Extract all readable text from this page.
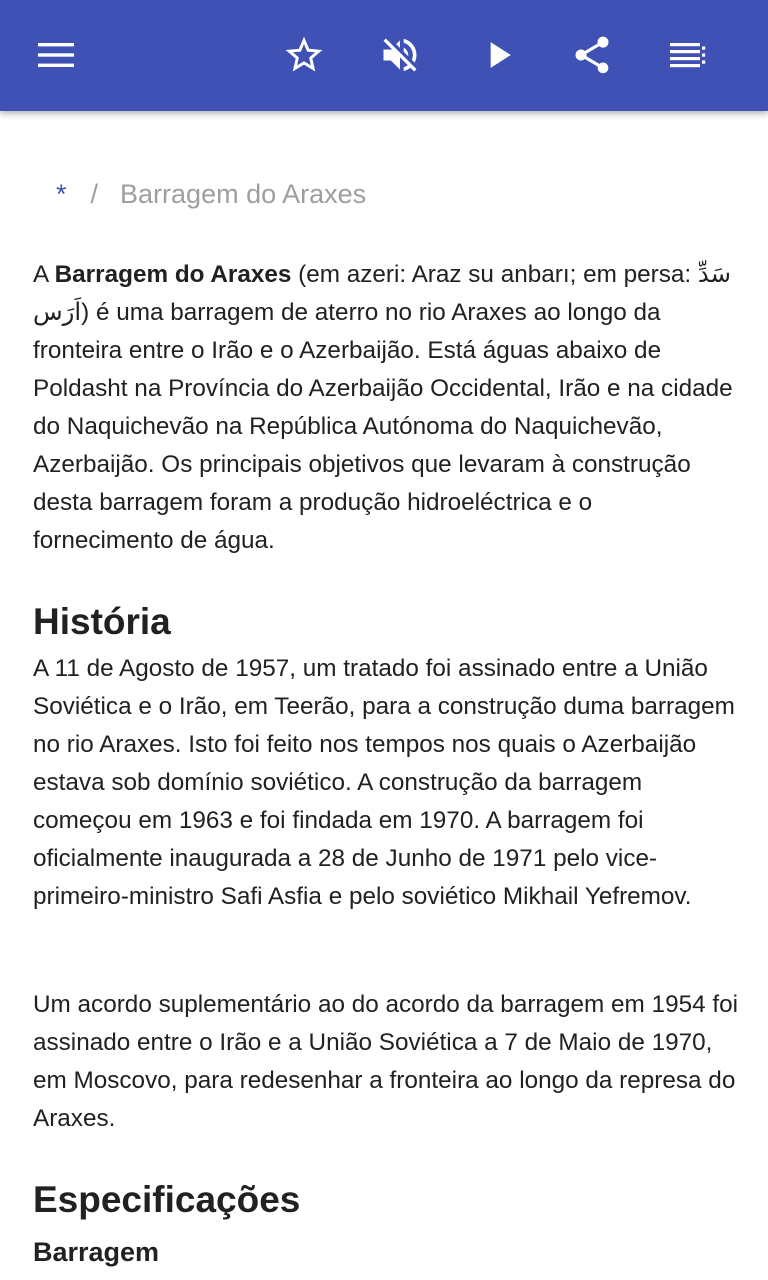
* / Barragem do Araxes

A Barragem do Araxes (em azeri: Araz su anbarı; em persa: سَدِّ اَرَس) é uma barragem de aterro no rio Araxes ao longo da fronteira entre o Irão e o Azerbaijão. Está águas abaixo de Poldasht na Província do Azerbaijão Occidental, Irão e na cidade do Naquichevão na República Autónoma do Naquichevão, Azerbaijão. Os principais objetivos que levaram à construção desta barragem foram a produção hidroeléctrica e o fornecimento de água.

História

A 11 de Agosto de 1957, um tratado foi assinado entre a União Soviética e o Irão, em Teerão, para a construção duma barragem no rio Araxes. Isto foi feito nos tempos nos quais o Azerbaijão estava sob domínio soviético. A construção da barragem começou em 1963 e foi findada em 1970. A barragem foi oficialmente inaugurada a 28 de Junho de 1971 pelo vice-primeiro-ministro Safi Asfia e pelo soviético Mikhail Yefremov.

Um acordo suplementário ao do acordo da barragem em 1954 foi assinado entre o Irão e a União Soviética a 7 de Maio de 1970, em Moscovo, para redesenhar a fronteira ao longo da represa do Araxes.

Especificações
Barragem
